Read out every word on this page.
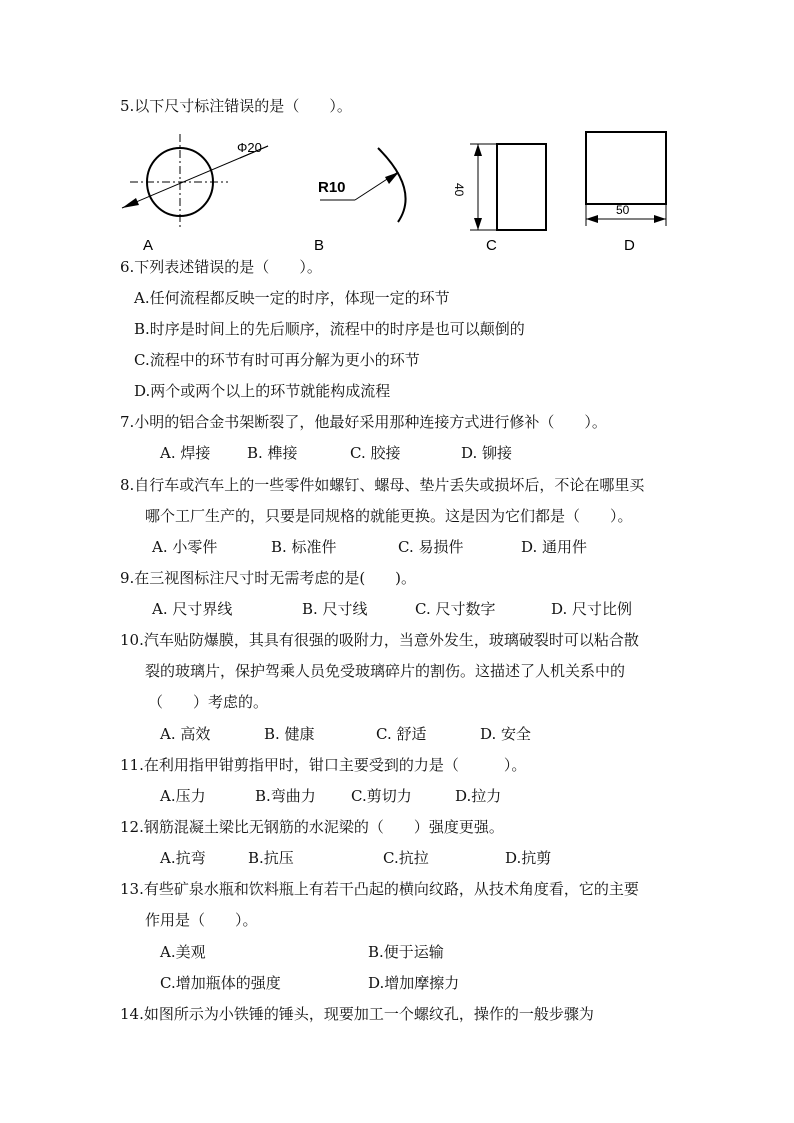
5.以下尺寸标注错误的是（　　）。
Φ20
A
R10
B
40
C
50
D
6.下列表述错误的是（　　）。
A.任何流程都反映一定的时序，体现一定的环节
B.时序是时间上的先后顺序，流程中的时序是也可以颠倒的
C.流程中的环节有时可再分解为更小的环节
D.两个或两个以上的环节就能构成流程
7.小明的铝合金书架断裂了，他最好采用那种连接方式进行修补（　　）。
A. 焊接 B. 榫接	C. 胶接	D. 铆接
8.自行车或汽车上的一些零件如螺钉、螺母、垫片丢失或损坏后，不论在哪里买
哪个工厂生产的，只要是同规格的就能更换。这是因为它们都是（　　）。
A. 小零件	B. 标准件	C. 易损件	D. 通用件
9.在三视图标注尺寸时无需考虑的是(　　)。
A. 尺寸界线	B. 尺寸线	C. 尺寸数字	D. 尺寸比例
10.汽车贴防爆膜，其具有很强的吸附力，当意外发生，玻璃破裂时可以粘合散
裂的玻璃片，保护驾乘人员免受玻璃碎片的割伤。这描述了人机关系中的
（　　）考虑的。
A. 高效	B. 健康	C. 舒适	D. 安全
11.在利用指甲钳剪指甲时，钳口主要受到的力是（　　　）。
A.压力	B.弯曲力 C.剪切力	D.拉力
12.钢筋混凝土梁比无钢筋的水泥梁的（　　）强度更强。
A.抗弯	B.抗压	C.抗拉	D.抗剪
13.有些矿泉水瓶和饮料瓶上有若干凸起的横向纹路，从技术角度看，它的主要
作用是（　　）。
A.美观	B.便于运输
C.增加瓶体的强度	D.增加摩擦力
14.如图所示为小铁锤的锤头，现要加工一个螺纹孔，操作的一般步骤为
